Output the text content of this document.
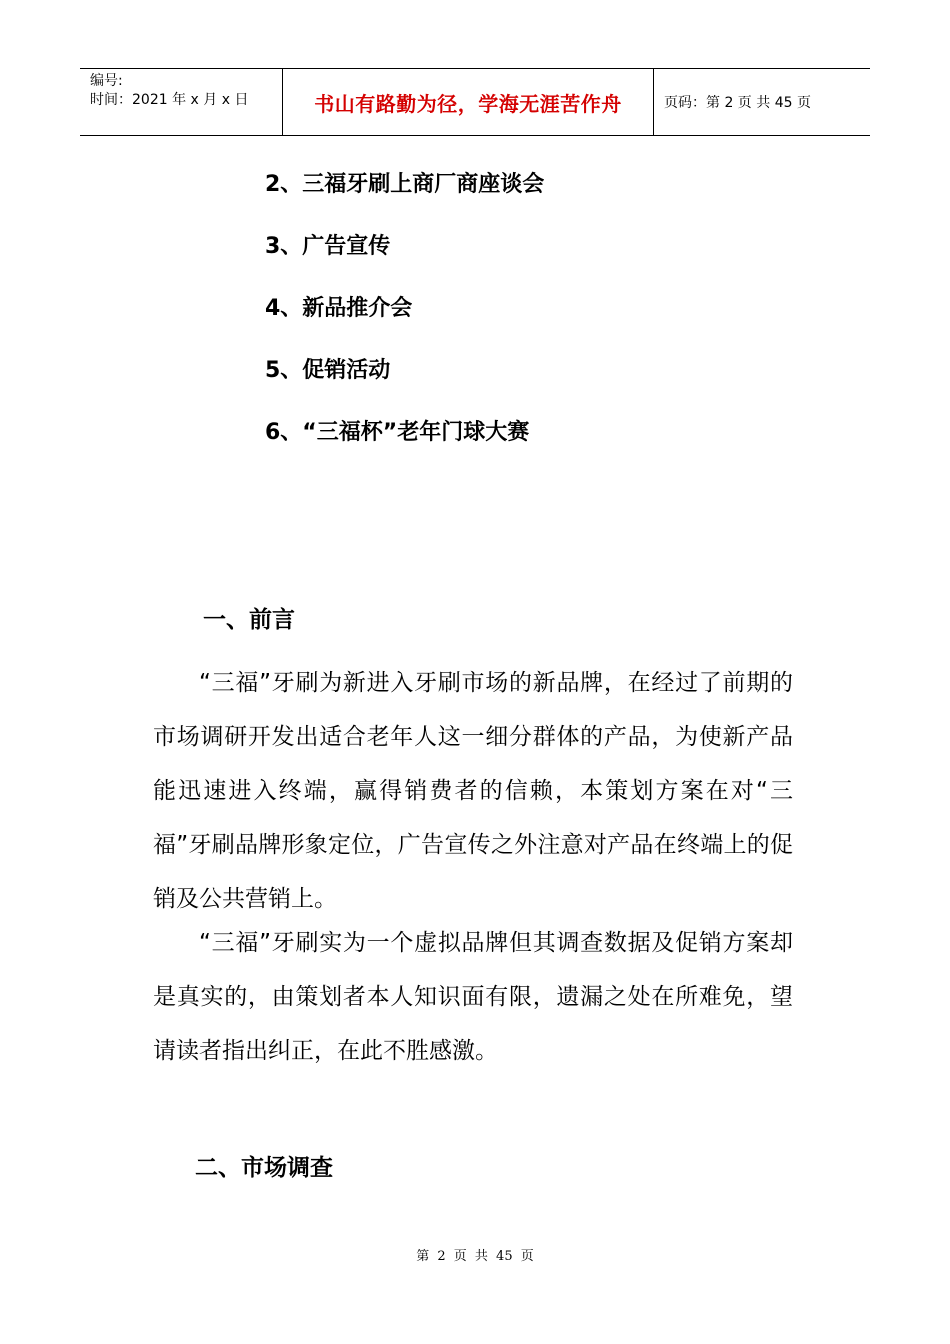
编号:
时间：2021 年 x 月 x 日	书山有路勤为径，学海无涯苦作舟	页码：第 2 页 共 45 页
2、三福牙刷上商厂商座谈会
3、广告宣传
4、新品推介会
5、促销活动
6、“三福杯”老年门球大赛
一、前言
“三福”牙刷为新进入牙刷市场的新品牌，在经过了前期的市场调研开发出适合老年人这一细分群体的产品，为使新产品能迅速进入终端，赢得销费者的信赖，本策划方案在对“三福”牙刷品牌形象定位，广告宣传之外注意对产品在终端上的促销及公共营销上。
“三福”牙刷实为一个虚拟品牌但其调查数据及促销方案却是真实的，由策划者本人知识面有限，遗漏之处在所难免，望请读者指出纠正，在此不胜感激。
二、市场调查
第 2 页 共 45 页
